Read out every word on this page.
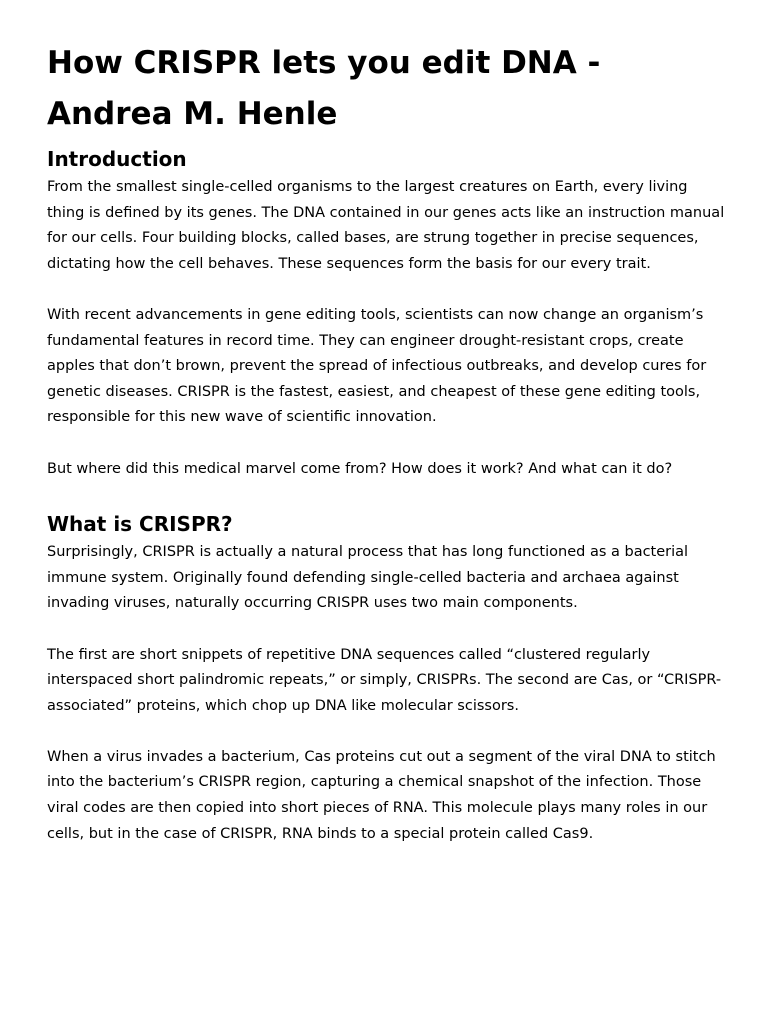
How CRISPR lets you edit DNA -
Andrea M. Henle
Introduction

From the smallest single-celled organisms to the largest creatures on Earth, every living thing is defined by its genes. The DNA contained in our genes acts like an instruction manual for our cells. Four building blocks, called bases, are strung together in precise sequences, dictating how the cell behaves. These sequences form the basis for our every trait.

With recent advancements in gene editing tools, scientists can now change an organism’s fundamental features in record time. They can engineer drought-resistant crops, create apples that don’t brown, prevent the spread of infectious outbreaks, and develop cures for genetic diseases. CRISPR is the fastest, easiest, and cheapest of these gene editing tools, responsible for this new wave of scientific innovation.

But where did this medical marvel come from? How does it work? And what can it do?

What is CRISPR?

Surprisingly, CRISPR is actually a natural process that has long functioned as a bacterial immune system. Originally found defending single-celled bacteria and archaea against invading viruses, naturally occurring CRISPR uses two main components.

The first are short snippets of repetitive DNA sequences called “clustered regularly interspaced short palindromic repeats,” or simply, CRISPRs. The second are Cas, or “CRISPR-associated” proteins, which chop up DNA like molecular scissors.

When a virus invades a bacterium, Cas proteins cut out a segment of the viral DNA to stitch into the bacterium’s CRISPR region, capturing a chemical snapshot of the infection. Those viral codes are then copied into short pieces of RNA. This molecule plays many roles in our cells, but in the case of CRISPR, RNA binds to a special protein called Cas9.
